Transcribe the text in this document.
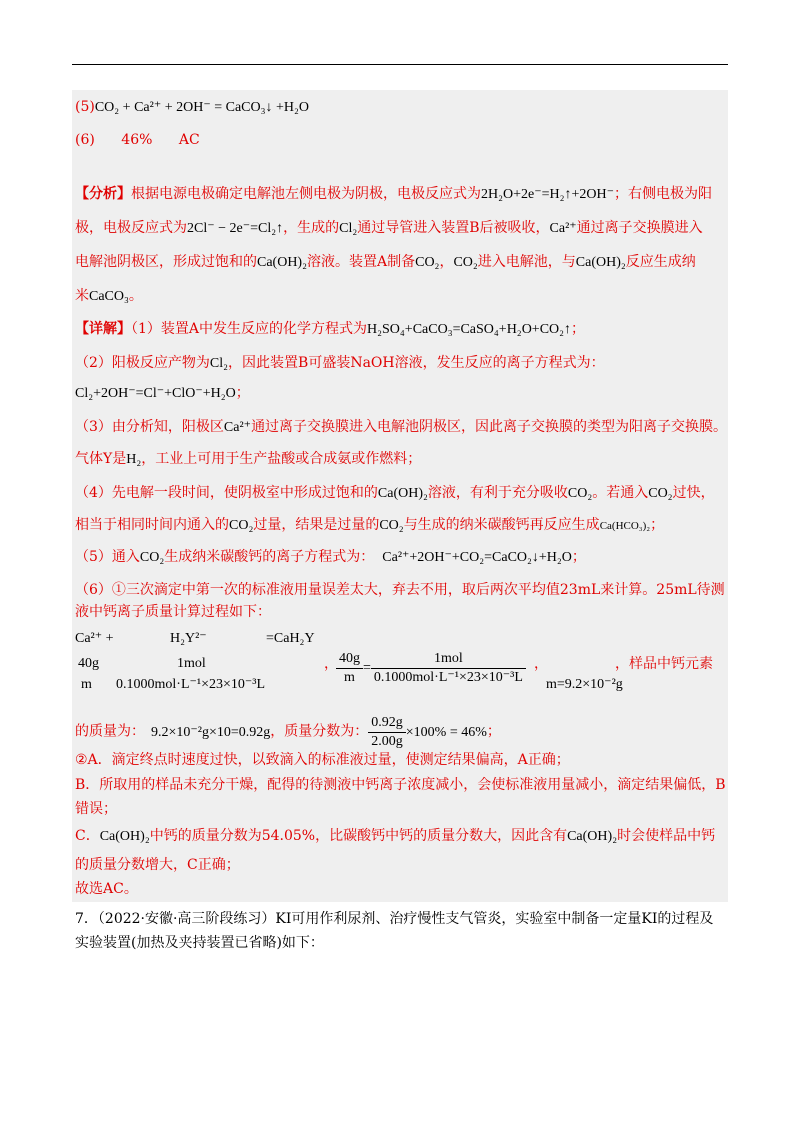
(5)CO₂ + Ca²⁺ + 2OH⁻ = CaCO₃↓ +H₂O
(6) 46% AC
【分析】根据电源电极确定电解池左侧电极为阴极，电极反应式为2H₂O+2e⁻=H₂↑+2OH⁻；右侧电极为阳
极，电极反应式为2Cl⁻ − 2e⁻=Cl₂↑，生成的Cl₂通过导管进入装置B后被吸收，Ca²⁺通过离子交换膜进入
电解池阴极区，形成过饱和的Ca(OH)₂溶液。装置A制备CO₂，CO₂进入电解池，与Ca(OH)₂反应生成纳
米CaCO₃。
【详解】（1）装置A中发生反应的化学方程式为H₂SO₄+CaCO₃=CaSO₄+H₂O+CO₂↑；
（2）阳极反应产物为Cl₂，因此装置B可盛装NaOH溶液，发生反应的离子方程式为：
Cl₂+2OH⁻=Cl⁻+ClO⁻+H₂O；
（3）由分析知，阳极区Ca²⁺通过离子交换膜进入电解池阴极区，因此离子交换膜的类型为阳离子交换膜。
气体Y是H₂，工业上可用于生产盐酸或合成氨或作燃料；
（4）先电解一段时间，使阴极室中形成过饱和的Ca(OH)₂溶液，有利于充分吸收CO₂。若通入CO₂过快，
相当于相同时间内通入的CO₂过量，结果是过量的CO₂与生成的纳米碳酸钙再反应生成Ca(HCO₃)₂；
（5）通入CO₂生成纳米碳酸钙的离子方程式为： Ca²⁺+2OH⁻+CO₂=CaCO₂↓+H₂O；
（6）①三次滴定中第一次的标准液用量误差太大，弃去不用，取后两次平均值23mL来计算。25mL待测
液中钙离子质量计算过程如下：
Ca²⁺ +	H₂Y²⁻	=CaH₂Y
40g	1mol
m 0.1000mol·L⁻¹×23×10⁻³L
，
$\frac{40g}{m} = \frac{\text{1mol}}{\text{0.1000mol·L⁻¹×23×10⁻³L}}$ ，
m=9.2×10⁻²g
，样品中钙元素
的质量为： 9.2×10⁻²g×10=0.92g，质量分数为： $\frac{0.92g}{2.00g} \times 100\% = 46\%$；
②A．滴定终点时速度过快，以致滴入的标准液过量，使测定结果偏高，A正确；
B．所取用的样品未充分干燥，配得的待测液中钙离子浓度减小，会使标准液用量减小，滴定结果偏低，B
错误；
C．Ca(OH)₂中钙的质量分数为54.05%，比碳酸钙中钙的质量分数大，因此含有Ca(OH)₂时会使样品中钙
的质量分数增大，C正确；
故选AC。
7．（2022·安徽·高三阶段练习）KI可用作利尿剂、治疗慢性支气管炎，实验室中制备一定量KI的过程及
实验装置(加热及夹持装置已省略)如下：
